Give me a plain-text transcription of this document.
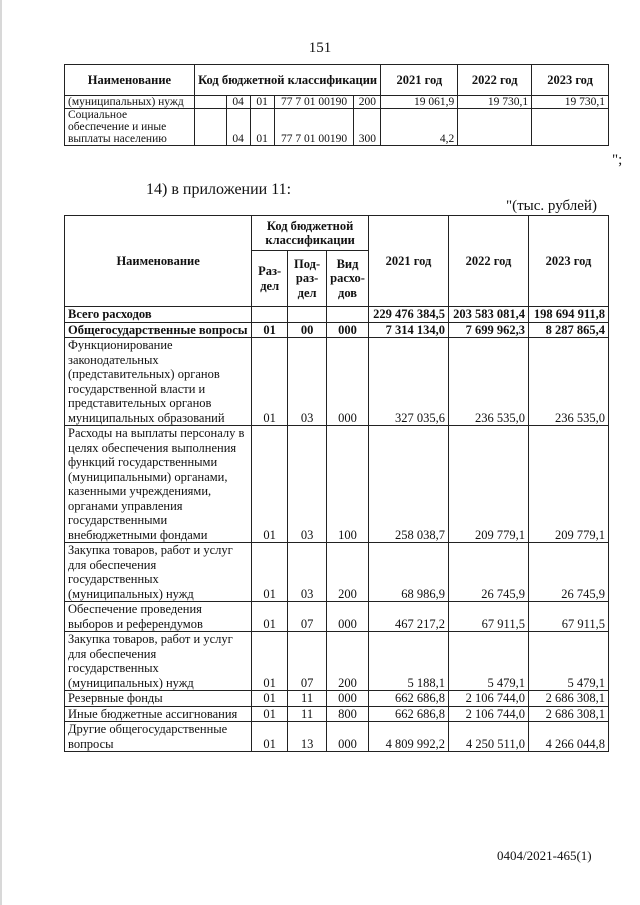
151
Наименование	Код бюджетной классификации					2021 год	2022 год	2023 год
(муниципальных) нужд		04	01	77 7 01 00190	200	19 061,9	19 730,1	19 730,1
Социальное обеспечение и иные выплаты населению		04	01	77 7 01 00190	300	4,2		
";
14) в приложении 11:
"(тыс. рублей)
Наименование	Код бюджетной классификации			2021 год	2022 год	2023 год
	Раз-дел	Под-раз-дел	Вид расхо-дов			
Всего расходов				229 476 384,5	203 583 081,4	198 694 911,8
Общегосударственные вопросы	01	00	000	7 314 134,0	7 699 962,3	8 287 865,4
Функционирование законодательных (представительных) органов государственной власти и представительных органов муниципальных образований	01	03	000	327 035,6	236 535,0	236 535,0
Расходы на выплаты персоналу в целях обеспечения выполнения функций государственными (муниципальными) органами, казенными учреждениями, органами управления государственными внебюджетными фондами	01	03	100	258 038,7	209 779,1	209 779,1
Закупка товаров, работ и услуг для обеспечения государственных (муниципальных) нужд	01	03	200	68 986,9	26 745,9	26 745,9
Обеспечение проведения выборов и референдумов	01	07	000	467 217,2	67 911,5	67 911,5
Закупка товаров, работ и услуг для обеспечения государственных (муниципальных) нужд	01	07	200	5 188,1	5 479,1	5 479,1
Резервные фонды	01	11	000	662 686,8	2 106 744,0	2 686 308,1
Иные бюджетные ассигнования	01	11	800	662 686,8	2 106 744,0	2 686 308,1
Другие общегосударственные вопросы	01	13	000	4 809 992,2	4 250 511,0	4 266 044,8
0404/2021-465(1)
